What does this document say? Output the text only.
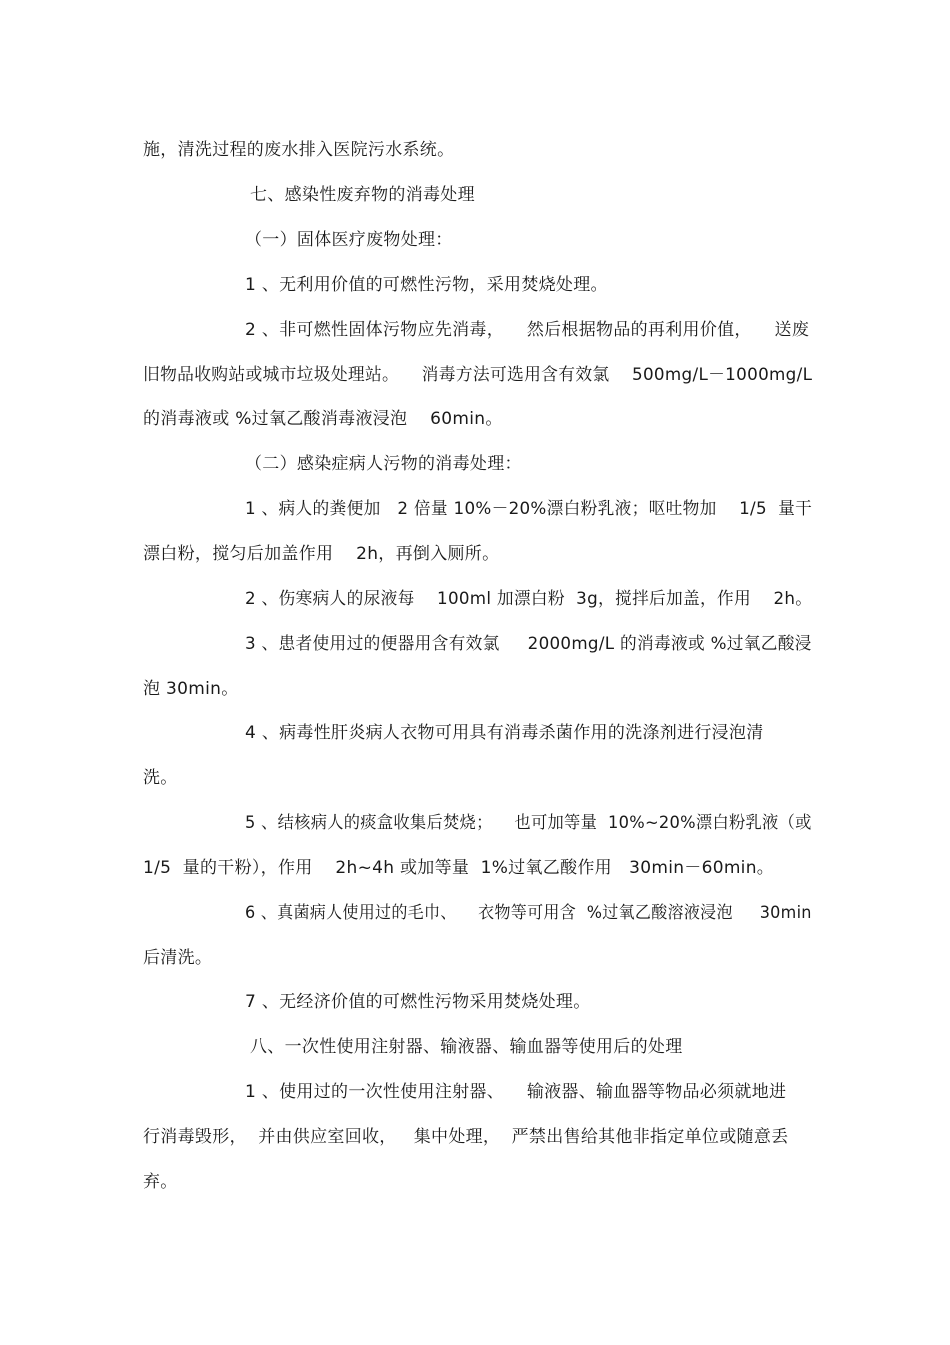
施，清洗过程的废水排入医院污水系统。

七、感染性废弃物的消毒处理

（一）固体医疗废物处理：

1 、无利用价值的可燃性污物，采用焚烧处理。

2 、非可燃性固体污物应先消毒，    然后根据物品的再利用价值，    送废

旧物品收购站或城市垃圾处理站。    消毒方法可选用含有效氯    500mg/L－1000mg/L

的消毒液或 %过氧乙酸消毒液浸泡    60min。

（二）感染症病人污物的消毒处理：

1 、病人的粪便加   2 倍量 10%－20%漂白粉乳液；呕吐物加    1/5  量干

漂白粉，搅匀后加盖作用    2h，再倒入厕所。

2 、伤寒病人的尿液每    100ml 加漂白粉  3g，搅拌后加盖，作用    2h。

3 、患者使用过的便器用含有效氯     2000mg/L 的消毒液或 %过氧乙酸浸

泡 30min。

4 、病毒性肝炎病人衣物可用具有消毒杀菌作用的洗涤剂进行浸泡清

洗。

5 、结核病人的痰盒收集后焚烧；    也可加等量  10%~20%漂白粉乳液（或

1/5  量的干粉），作用    2h~4h 或加等量  1%过氧乙酸作用   30min－60min。

6 、真菌病人使用过的毛巾、    衣物等可用含  %过氧乙酸溶液浸泡     30min

后清洗。

7 、无经济价值的可燃性污物采用焚烧处理。

八、一次性使用注射器、输液器、输血器等使用后的处理

1 、使用过的一次性使用注射器、    输液器、输血器等物品必须就地进

行消毒毁形，  并由供应室回收，   集中处理，  严禁出售给其他非指定单位或随意丢

弃。
